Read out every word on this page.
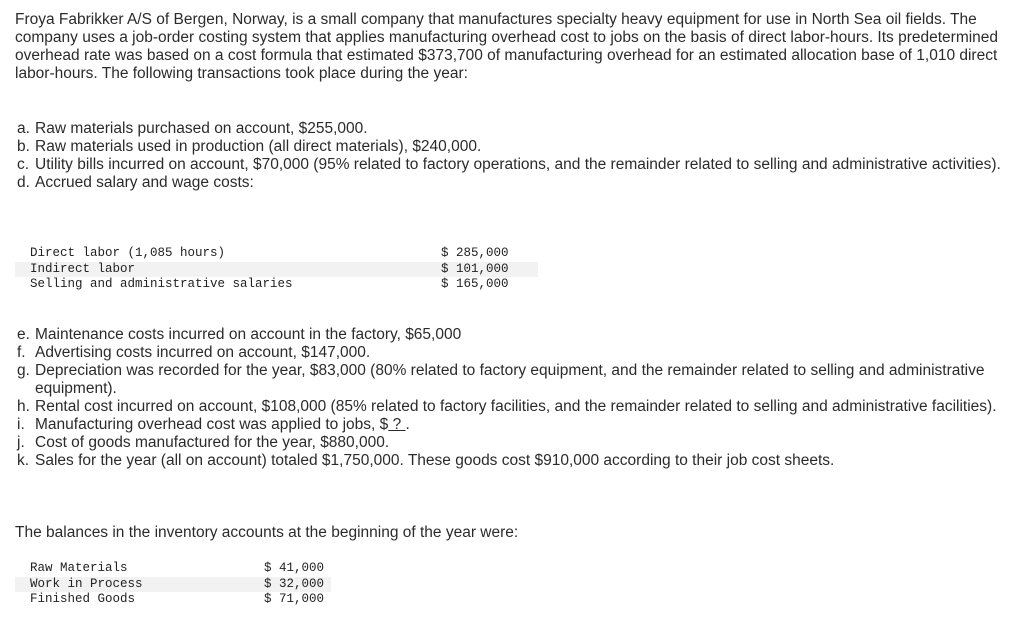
Froya Fabrikker A/S of Bergen, Norway, is a small company that manufactures specialty heavy equipment for use in North Sea oil fields. The company uses a job-order costing system that applies manufacturing overhead cost to jobs on the basis of direct labor-hours. Its predetermined overhead rate was based on a cost formula that estimated $373,700 of manufacturing overhead for an estimated allocation base of 1,010 direct labor-hours. The following transactions took place during the year:

a. Raw materials purchased on account, $255,000.
b. Raw materials used in production (all direct materials), $240,000.
c. Utility bills incurred on account, $70,000 (95% related to factory operations, and the remainder related to selling and administrative activities).
d. Accrued salary and wage costs:
Direct labor (1,085 hours)	$ 285,000
Indirect labor	$ 101,000
Selling and administrative salaries	$ 165,000
e. Maintenance costs incurred on account in the factory, $65,000
f. Advertising costs incurred on account, $147,000.
g. Depreciation was recorded for the year, $83,000 (80% related to factory equipment, and the remainder related to selling and administrative equipment).
h. Rental cost incurred on account, $108,000 (85% related to factory facilities, and the remainder related to selling and administrative facilities).
i. Manufacturing overhead cost was applied to jobs, $ ? .
j. Cost of goods manufactured for the year, $880,000.
k. Sales for the year (all on account) totaled $1,750,000. These goods cost $910,000 according to their job cost sheets.

The balances in the inventory accounts at the beginning of the year were:

Raw Materials	$ 41,000
Work in Process	$ 32,000
Finished Goods	$ 71,000
